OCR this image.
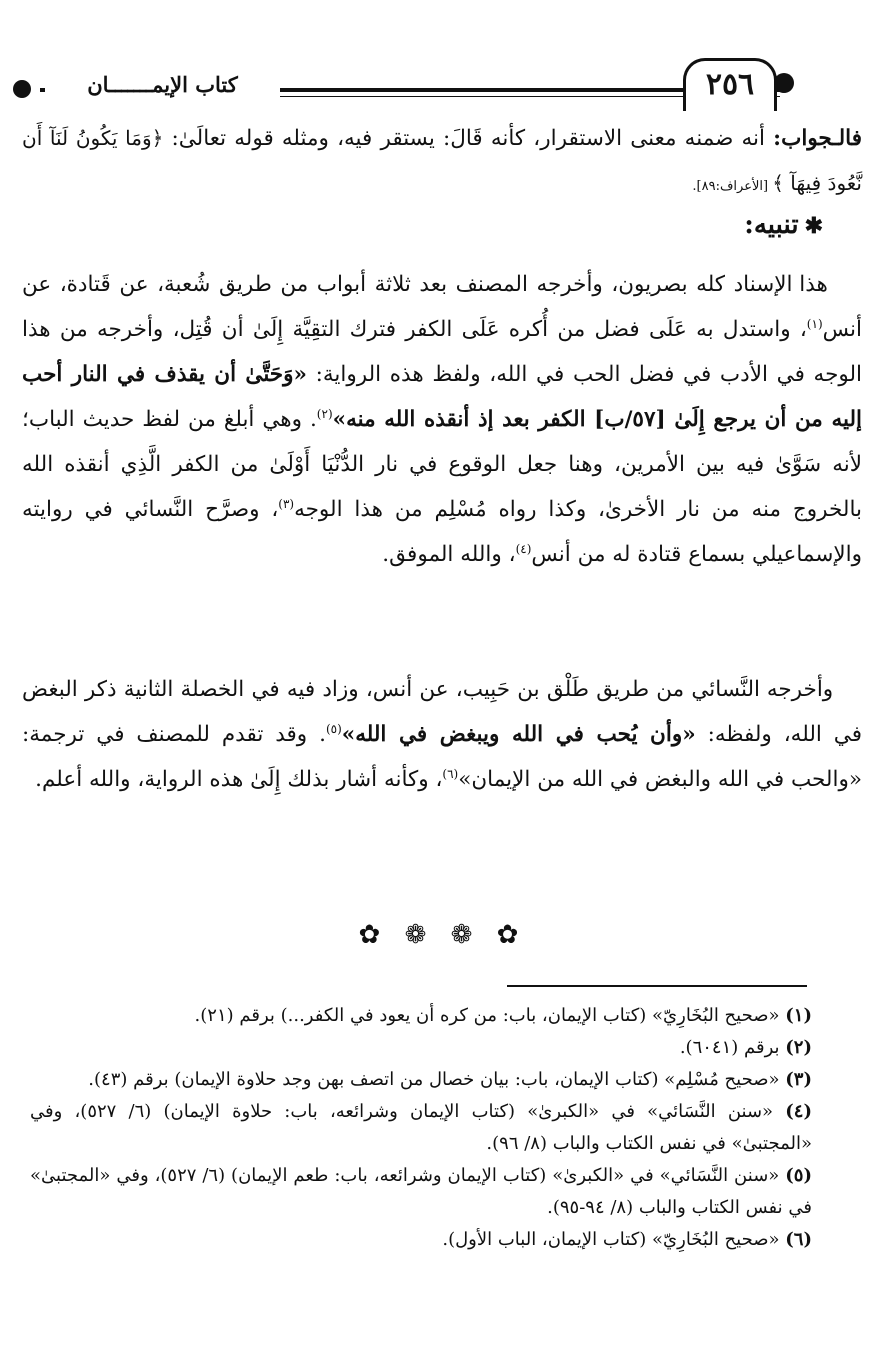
كتاب الإيمـــــــان	٢٥٦
فالـجواب: أنه ضمنه معنى الاستقرار، كأنه قَالَ: يستقر فيه، ومثله قوله تعالَىٰ: ﴿وَمَا يَكُونُ لَنَآ أَن نَّعُودَ فِيهَآ ﴾ [الأعراف:٨٩].
✱تنبيه:
هذا الإسناد كله بصريون، وأخرجه المصنف بعد ثلاثة أبواب من طريق شُعبة، عن قَتادة، عن أنس$^{(١)}$، واستدل به عَلَى فضل من أُكره عَلَى الكفر فترك التقِيَّة إِلَىٰ أن قُتِل، وأخرجه من هذا الوجه في الأدب في فضل الحب في الله، ولفظ هذه الرواية: «وَحَتَّىٰ أن يقذف في النار أحب إليه من أن يرجع إِلَىٰ [٥٧/ب] الكفر بعد إذ أنقذه الله منه»$^{(٢)}$. وهي أبلغ من لفظ حديث الباب؛ لأنه سَوَّىٰ فيه بين الأمرين، وهنا جعل الوقوع في نار الدُّنْيَا أَوْلَىٰ من الكفر الَّذِي أنقذه الله بالخروج منه من نار الأخرىٰ، وكذا رواه مُسْلِم من هذا الوجه$^{(٣)}$، وصرَّح النَّسائي في روايته والإسماعيلي بسماع قتادة له من أنس$^{(٤)}$، والله الموفق.
وأخرجه النَّسائي من طريق طَلْق بن حَبِيب، عن أنس، وزاد فيه في الخصلة الثانية ذكر البغض في الله، ولفظه: «وأن يُحب في الله ويبغض في الله»$^{(٥)}$. وقد تقدم للمصنف في ترجمة: «والحب في الله والبغض في الله من الإيمان»$^{(٦)}$، وكأنه أشار بذلك إِلَىٰ هذه الرواية، والله أعلم.
✿ ❁ ❁ ✿

(١) «صحيح البُخَارِيّ» (كتاب الإيمان، باب: من كره أن يعود في الكفر...) برقم (٢١).

(٢) برقم (٦٠٤١).

(٣) «صحيح مُسْلِم» (كتاب الإيمان، باب: بيان خصال من اتصف بهن وجد حلاوة الإيمان) برقم (٤٣).

(٤) «سنن النَّسَائي» في «الكبرىٰ» (كتاب الإيمان وشرائعه، باب: حلاوة الإيمان) (٦/ ٥٢٧)، وفي «المجتبىٰ» في نفس الكتاب والباب (٨/ ٩٦).

(٥) «سنن النَّسَائي» في «الكبرىٰ» (كتاب الإيمان وشرائعه، باب: طعم الإيمان) (٦/ ٥٢٧)، وفي «المجتبىٰ» في نفس الكتاب والباب (٨/ ٩٤-٩٥).

(٦) «صحيح البُخَارِيّ» (كتاب الإيمان، الباب الأول).
